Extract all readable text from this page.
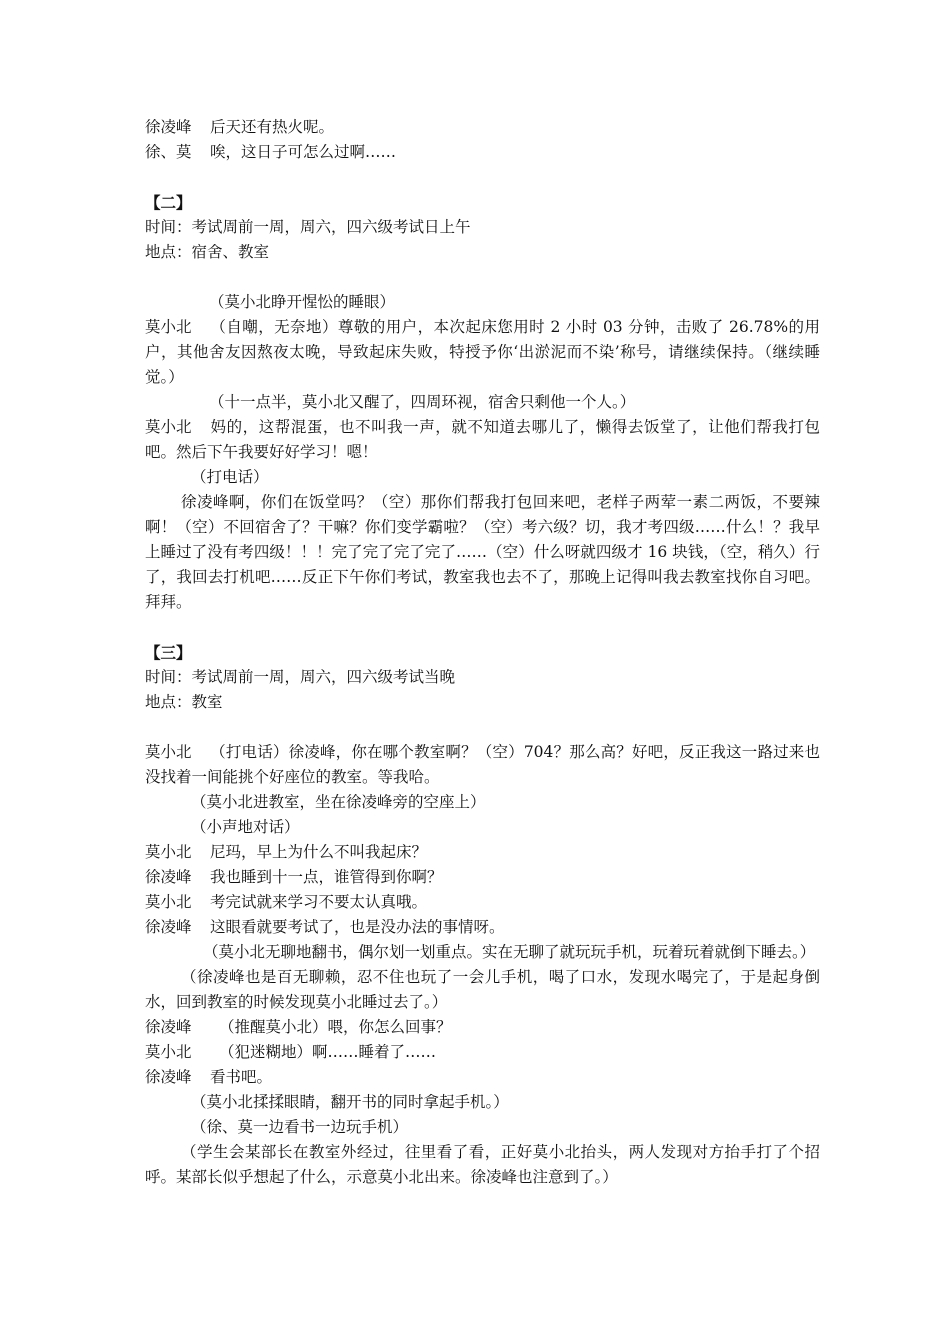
徐凌峰 后天还有热火呢。
徐、莫 唉，这日子可怎么过啊……
【二】
时间：考试周前一周，周六，四六级考试日上午
地点：宿舍、教室
（莫小北睁开惺忪的睡眼）
莫小北 （自嘲，无奈地）尊敬的用户，本次起床您用时 2 小时 03 分钟，击败了 26.78%的用户，其他舍友因熬夜太晚，导致起床失败，特授予你‘出淤泥而不染’称号，请继续保持。（继续睡觉。）
（十一点半，莫小北又醒了，四周环视，宿舍只剩他一个人。）
莫小北 妈的，这帮混蛋，也不叫我一声，就不知道去哪儿了，懒得去饭堂了，让他们帮我打包吧。然后下午我要好好学习！嗯！
（打电话）
徐凌峰啊，你们在饭堂吗？（空）那你们帮我打包回来吧，老样子两荤一素二两饭，不要辣啊！（空）不回宿舍了？干嘛？你们变学霸啦？（空）考六级？切，我才考四级……什么！？我早上睡过了没有考四级！！！完了完了完了完了……（空）什么呀就四级才 16 块钱，（空，稍久）行了，我回去打机吧……反正下午你们考试，教室我也去不了，那晚上记得叫我去教室找你自习吧。拜拜。
【三】
时间：考试周前一周，周六，四六级考试当晚
地点：教室
莫小北 （打电话）徐凌峰，你在哪个教室啊？（空）704？那么高？好吧，反正我这一路过来也没找着一间能挑个好座位的教室。等我哈。
（莫小北进教室，坐在徐凌峰旁的空座上）
（小声地对话）
莫小北 尼玛，早上为什么不叫我起床？
徐凌峰 我也睡到十一点，谁管得到你啊？
莫小北 考完试就来学习不要太认真哦。
徐凌峰 这眼看就要考试了，也是没办法的事情呀。
（莫小北无聊地翻书，偶尔划一划重点。实在无聊了就玩玩手机，玩着玩着就倒下睡去。）
（徐凌峰也是百无聊赖，忍不住也玩了一会儿手机，喝了口水，发现水喝完了，于是起身倒水，回到教室的时候发现莫小北睡过去了。）
徐凌峰 （推醒莫小北）喂，你怎么回事？
莫小北 （犯迷糊地）啊……睡着了……
徐凌峰 看书吧。
（莫小北揉揉眼睛，翻开书的同时拿起手机。）
（徐、莫一边看书一边玩手机）
（学生会某部长在教室外经过，往里看了看，正好莫小北抬头，两人发现对方抬手打了个招呼。某部长似乎想起了什么，示意莫小北出来。徐凌峰也注意到了。）
